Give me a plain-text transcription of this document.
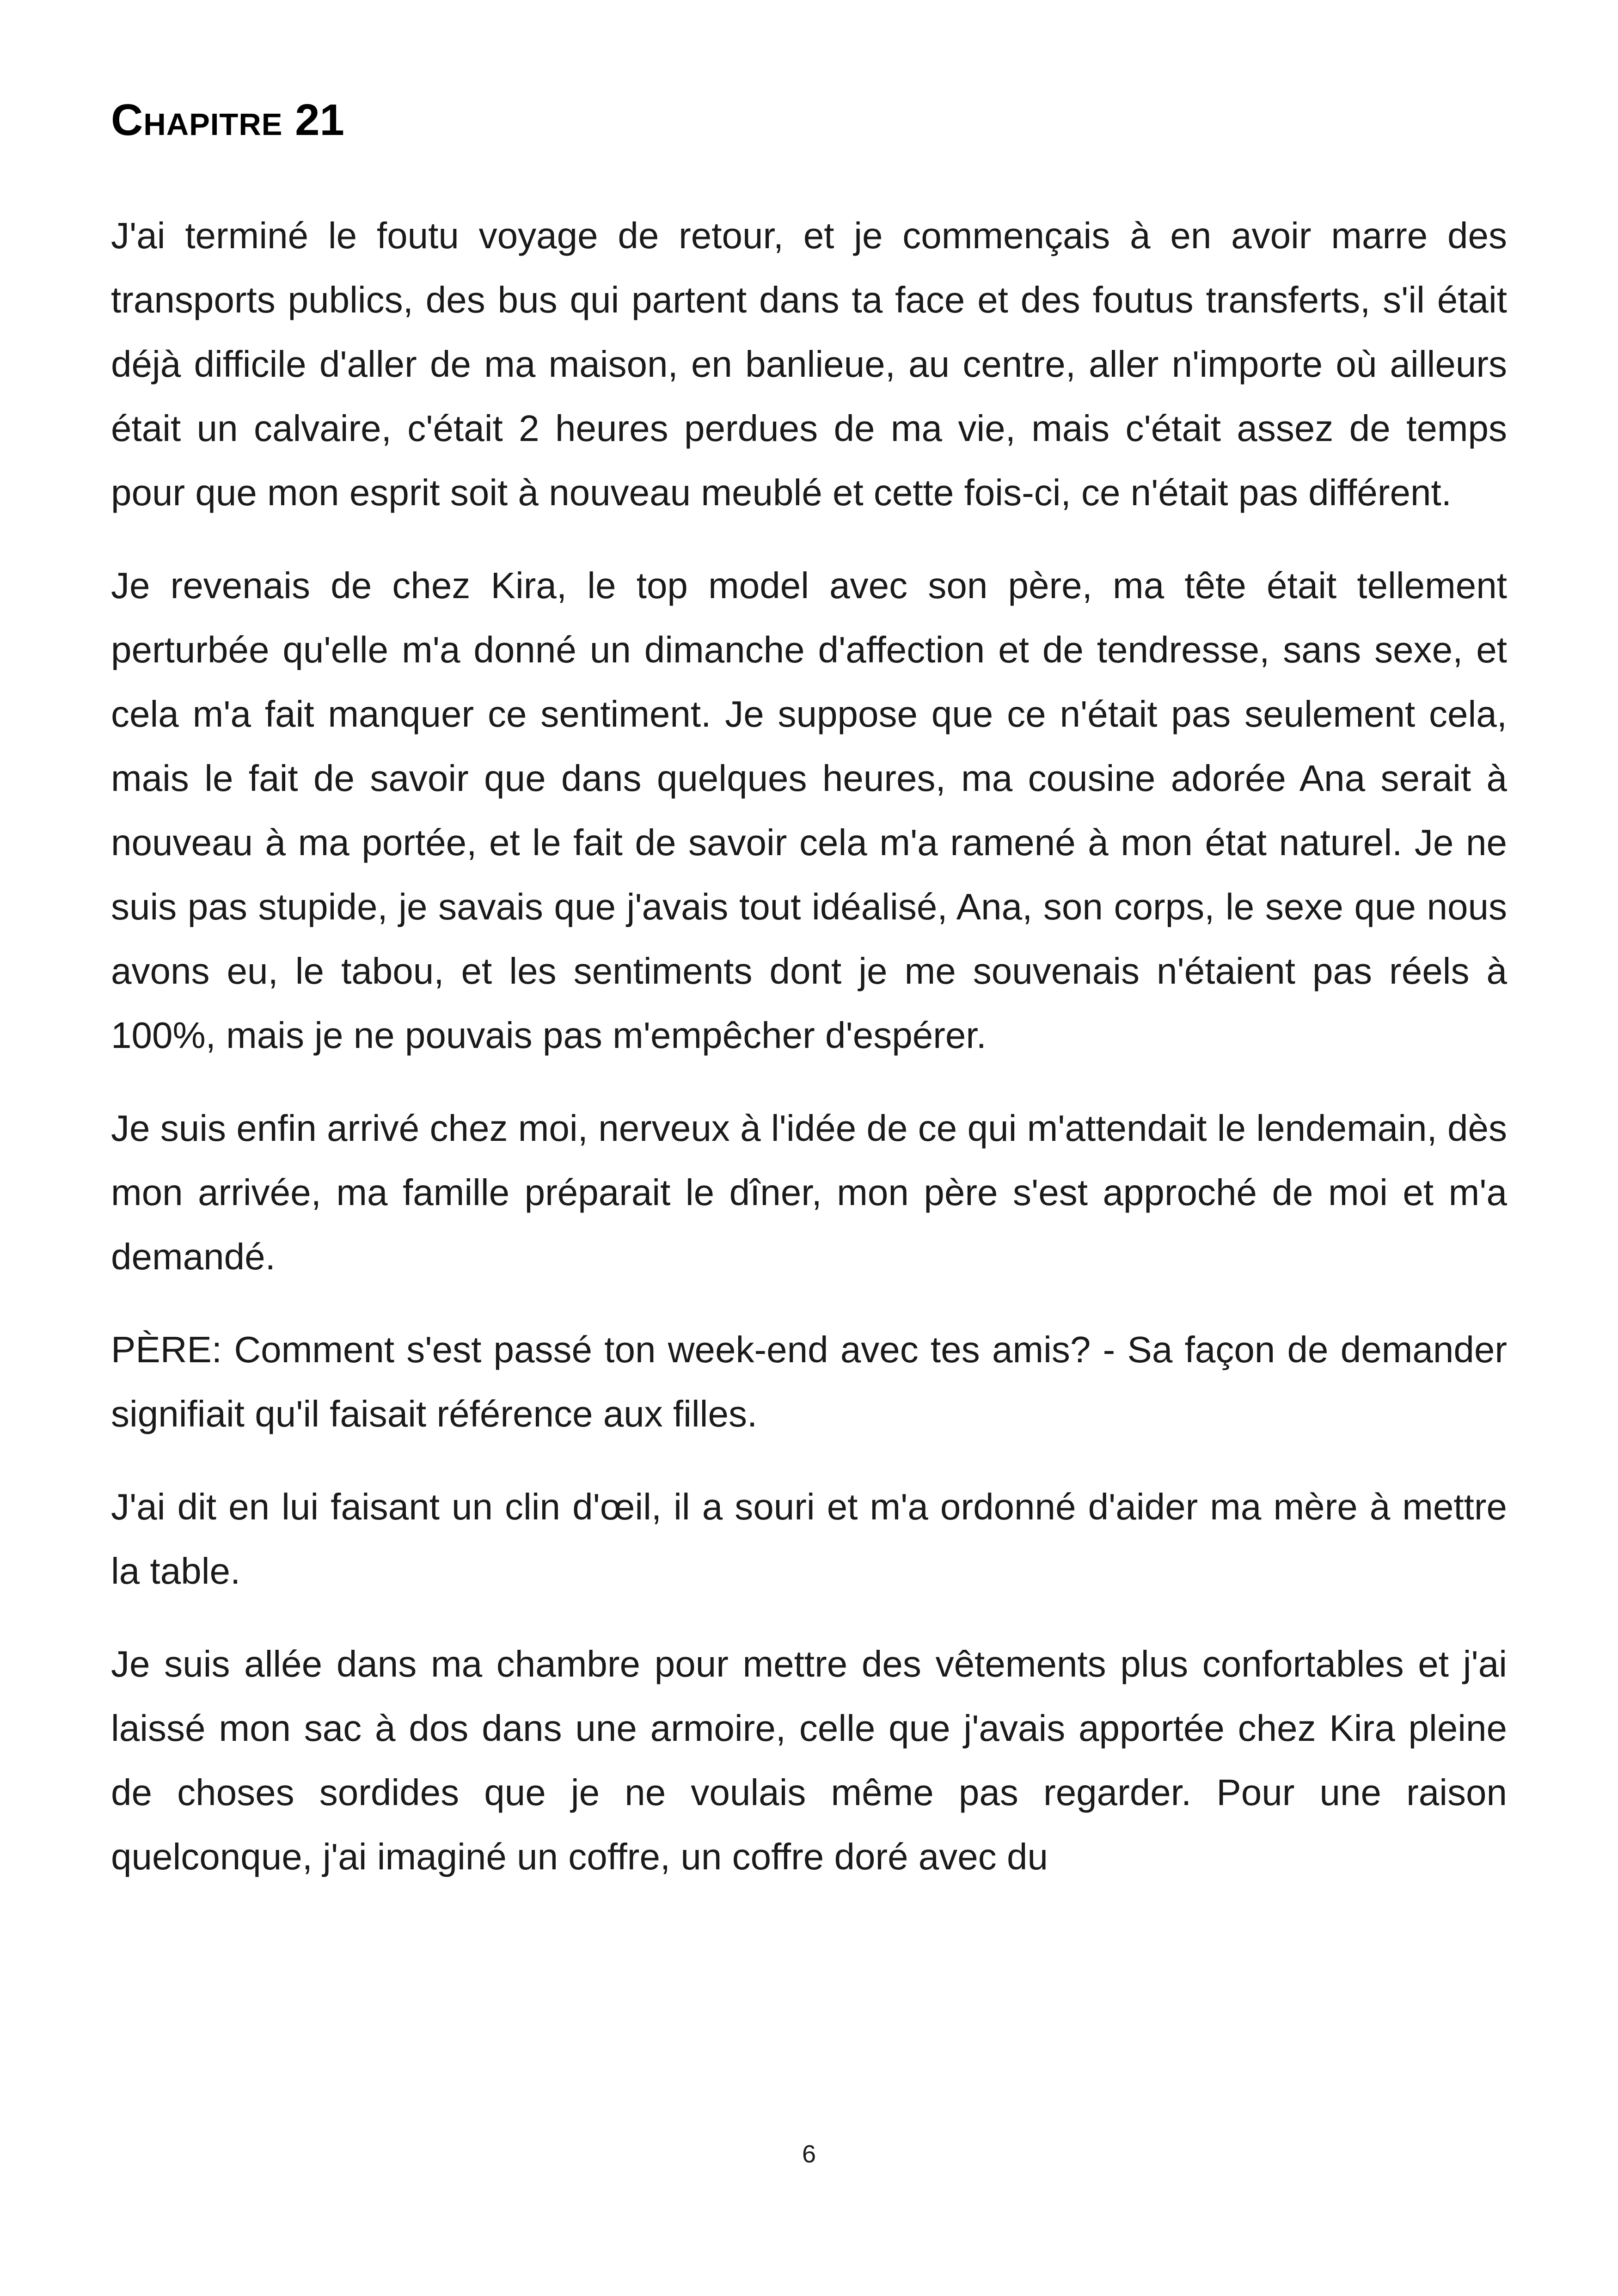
Chapitre 21

J'ai terminé le foutu voyage de retour, et je commençais à en avoir marre des transports publics, des bus qui partent dans ta face et des foutus transferts, s'il était déjà difficile d'aller de ma maison, en banlieue, au centre, aller n'importe où ailleurs était un calvaire, c'était 2 heures perdues de ma vie, mais c'était assez de temps pour que mon esprit soit à nouveau meublé et cette fois-ci, ce n'était pas différent.

Je revenais de chez Kira, le top model avec son père, ma tête était tellement perturbée qu'elle m'a donné un dimanche d'affection et de tendresse, sans sexe, et cela m'a fait manquer ce sentiment. Je suppose que ce n'était pas seulement cela, mais le fait de savoir que dans quelques heures, ma cousine adorée Ana serait à nouveau à ma portée, et le fait de savoir cela m'a ramené à mon état naturel. Je ne suis pas stupide, je savais que j'avais tout idéalisé, Ana, son corps, le sexe que nous avons eu, le tabou, et les sentiments dont je me souvenais n'étaient pas réels à 100%, mais je ne pouvais pas m'empêcher d'espérer.

Je suis enfin arrivé chez moi, nerveux à l'idée de ce qui m'attendait le lendemain, dès mon arrivée, ma famille préparait le dîner, mon père s'est approché de moi et m'a demandé.

PÈRE: Comment s'est passé ton week-end avec tes amis? - Sa façon de demander signifiait qu'il faisait référence aux filles.

J'ai dit en lui faisant un clin d'œil, il a souri et m'a ordonné d'aider ma mère à mettre la table.

Je suis allée dans ma chambre pour mettre des vêtements plus confortables et j'ai laissé mon sac à dos dans une armoire, celle que j'avais apportée chez Kira pleine de choses sordides que je ne voulais même pas regarder. Pour une raison quelconque, j'ai imaginé un coffre, un coffre doré avec du

6
